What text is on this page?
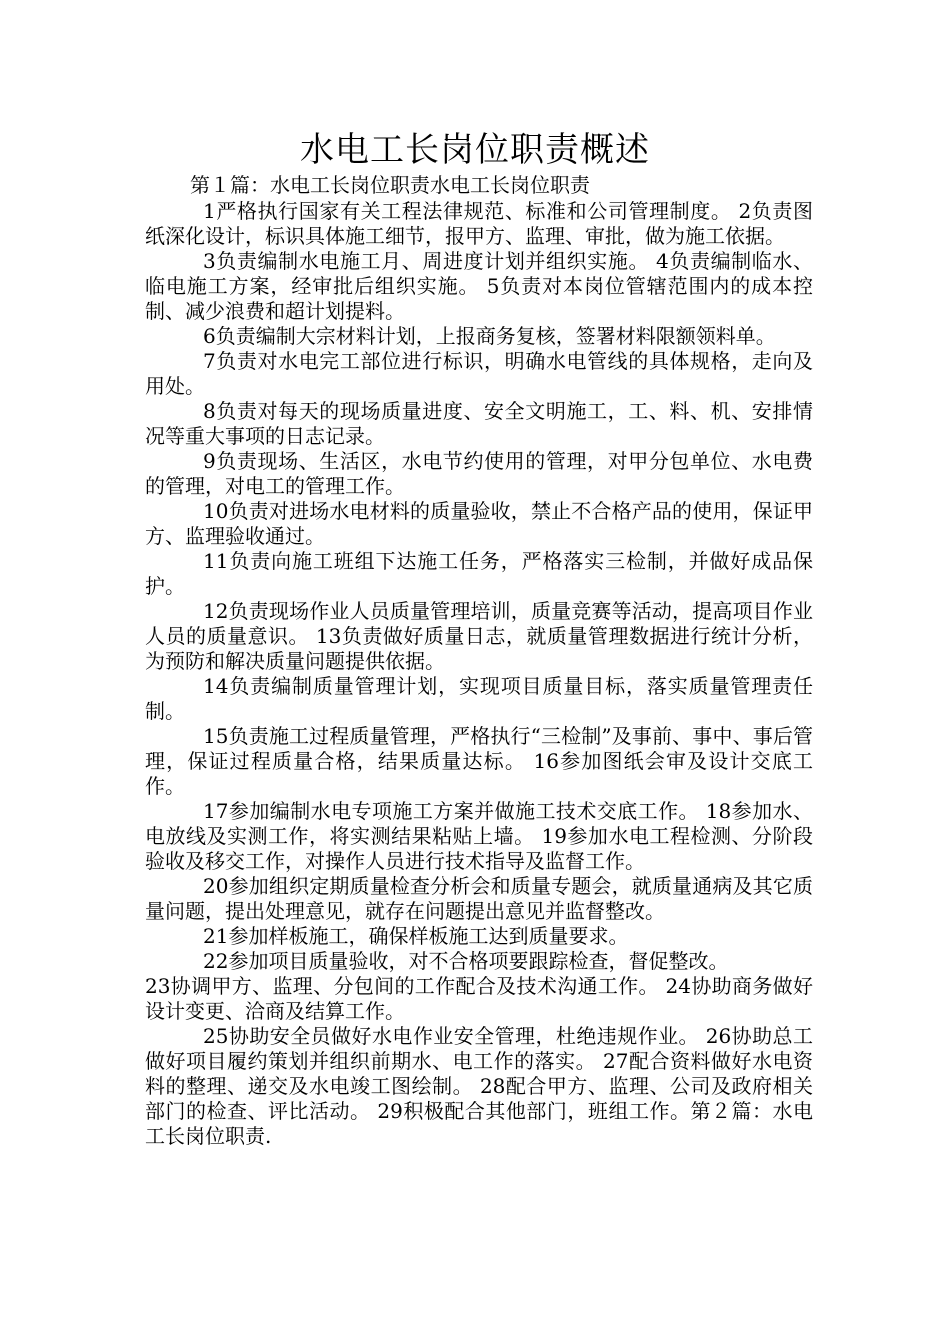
水电工长岗位职责概述
第１篇：水电工长岗位职责水电工长岗位职责

1严格执行国家有关工程法律规范、标准和公司管理制度。 2负责图纸深化设计，标识具体施工细节，报甲方、监理、审批，做为施工依据。

3负责编制水电施工月、周进度计划并组织实施。 4负责编制临水、临电施工方案，经审批后组织实施。 5负责对本岗位管辖范围内的成本控制、减少浪费和超计划提料。

6负责编制大宗材料计划，上报商务复核，签署材料限额领料单。

7负责对水电完工部位进行标识，明确水电管线的具体规格，走向及用处。

8负责对每天的现场质量进度、安全文明施工，工、料、机、安排情况等重大事项的日志记录。

9负责现场、生活区，水电节约使用的管理，对甲分包单位、水电费的管理，对电工的管理工作。

10负责对进场水电材料的质量验收，禁止不合格产品的使用，保证甲方、监理验收通过。

11负责向施工班组下达施工任务，严格落实三检制，并做好成品保护。

12负责现场作业人员质量管理培训，质量竞赛等活动，提高项目作业人员的质量意识。 13负责做好质量日志，就质量管理数据进行统计分析，为预防和解决质量问题提供依据。

14负责编制质量管理计划，实现项目质量目标，落实质量管理责任制。

15负责施工过程质量管理，严格执行“三检制”及事前、事中、事后管理，保证过程质量合格，结果质量达标。 16参加图纸会审及设计交底工作。

17参加编制水电专项施工方案并做施工技术交底工作。 18参加水、电放线及实测工作，将实测结果粘贴上墙。 19参加水电工程检测、分阶段验收及移交工作，对操作人员进行技术指导及监督工作。

20参加组织定期质量检查分析会和质量专题会，就质量通病及其它质量问题，提出处理意见，就存在问题提出意见并监督整改。

21参加样板施工，确保样板施工达到质量要求。

22参加项目质量验收，对不合格项要跟踪检查，督促整改。

23协调甲方、监理、分包间的工作配合及技术沟通工作。 24协助商务做好设计变更、洽商及结算工作。

25协助安全员做好水电作业安全管理，杜绝违规作业。 26协助总工做好项目履约策划并组织前期水、电工作的落实。 27配合资料做好水电资料的整理、递交及水电竣工图绘制。 28配合甲方、监理、公司及政府相关部门的检查、评比活动。 29积极配合其他部门，班组工作。第２篇：水电工长岗位职责.
